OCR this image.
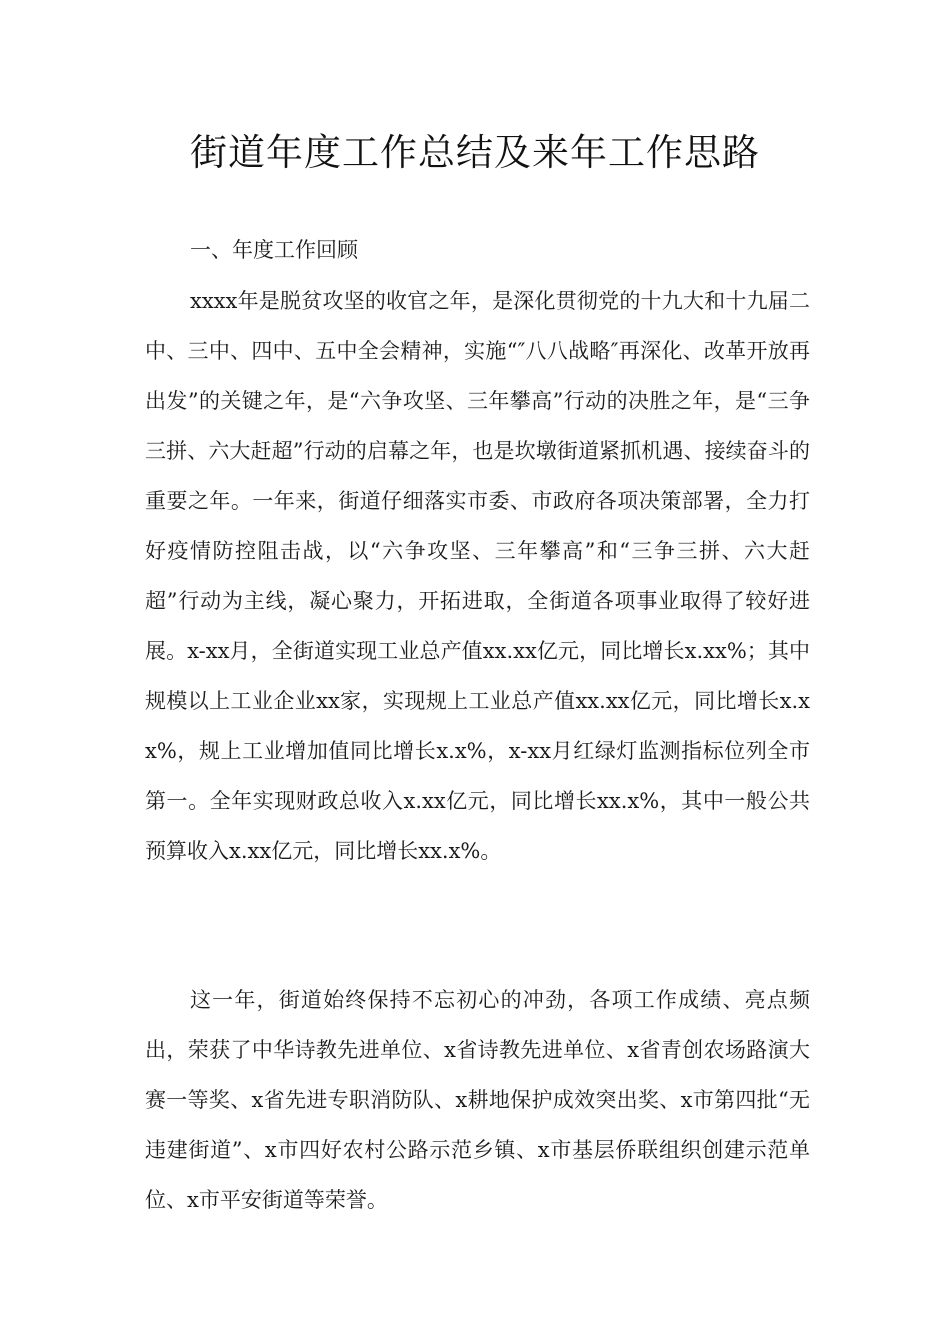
街道年度工作总结及来年工作思路
一、年度工作回顾

xxxx年是脱贫攻坚的收官之年，是深化贯彻党的十九大和十九届二中、三中、四中、五中全会精神，实施“″八八战略″再深化、改革开放再出发”的关键之年，是“六争攻坚、三年攀高”行动的决胜之年，是“三争三拼、六大赶超”行动的启幕之年，也是坎墩街道紧抓机遇、接续奋斗的重要之年。一年来，街道仔细落实市委、市政府各项决策部署，全力打好疫情防控阻击战，以“六争攻坚、三年攀高”和“三争三拼、六大赶超”行动为主线，凝心聚力，开拓进取，全街道各项事业取得了较好进展。x-xx月，全街道实现工业总产值xx.xx亿元，同比增长x.xx%；其中规模以上工业企业xx家，实现规上工业总产值xx.xx亿元，同比增长x.xx%，规上工业增加值同比增长x.x%，x-xx月红绿灯监测指标位列全市第一。全年实现财政总收入x.xx亿元，同比增长xx.x%，其中一般公共预算收入x.xx亿元，同比增长xx.x%。

这一年，街道始终保持不忘初心的冲劲，各项工作成绩、亮点频出，荣获了中华诗教先进单位、x省诗教先进单位、x省青创农场路演大赛一等奖、x省先进专职消防队、x耕地保护成效突出奖、x市第四批“无违建街道”、x市四好农村公路示范乡镇、x市基层侨联组织创建示范单位、x市平安街道等荣誉。
